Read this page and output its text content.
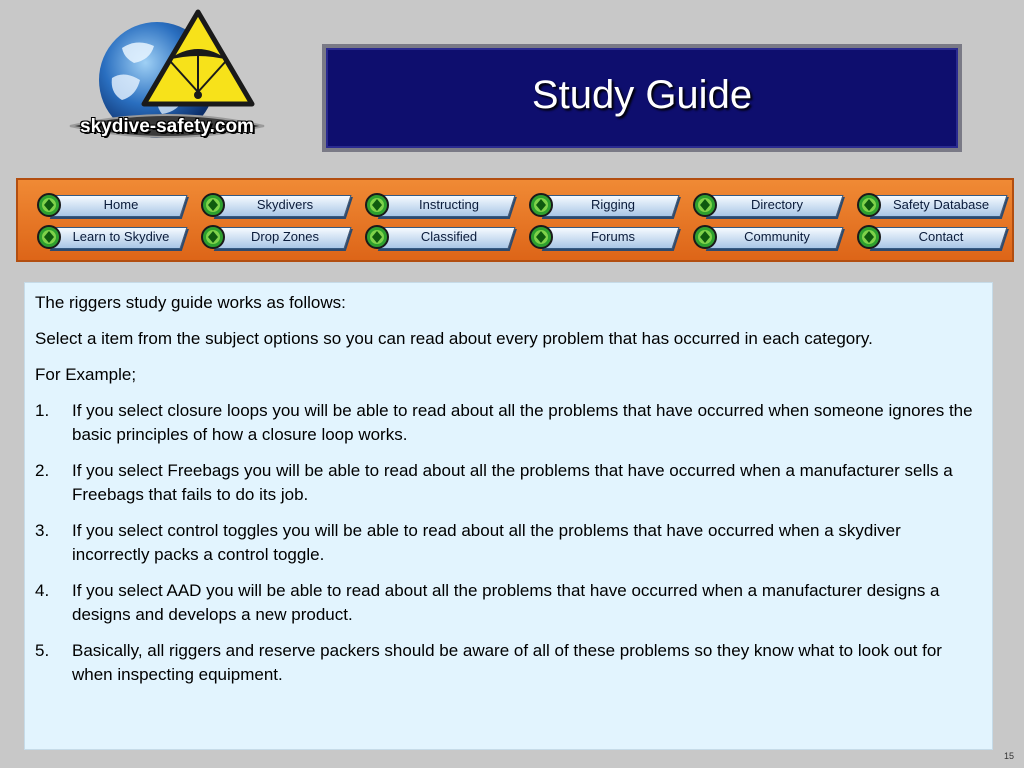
skydive-safety.com
Study Guide
Home	Skydivers	Instructing	Rigging	Directory	Safety Database
Learn to Skydive	Drop Zones	Classified	Forums	Community	Contact

The riggers study guide works as follows:

Select a item from the subject options so you can read about every problem that has occurred in each category.

For Example;

1. If you select closure loops you will be able to read about all the problems that have occurred when someone ignores the basic principles of how a closure loop works.
2. If you select Freebags you will be able to read about all the problems that have occurred when a manufacturer sells a Freebags that fails to do its job.
3. If you select control toggles you will be able to read about all the problems that have occurred when a skydiver incorrectly packs a control toggle.
4. If you select AAD you will be able to read about all the problems that have occurred when a manufacturer designs a designs and develops a new product.
5. Basically, all riggers and reserve packers should be aware of all of these problems so they know what to look out for when inspecting equipment.
15
